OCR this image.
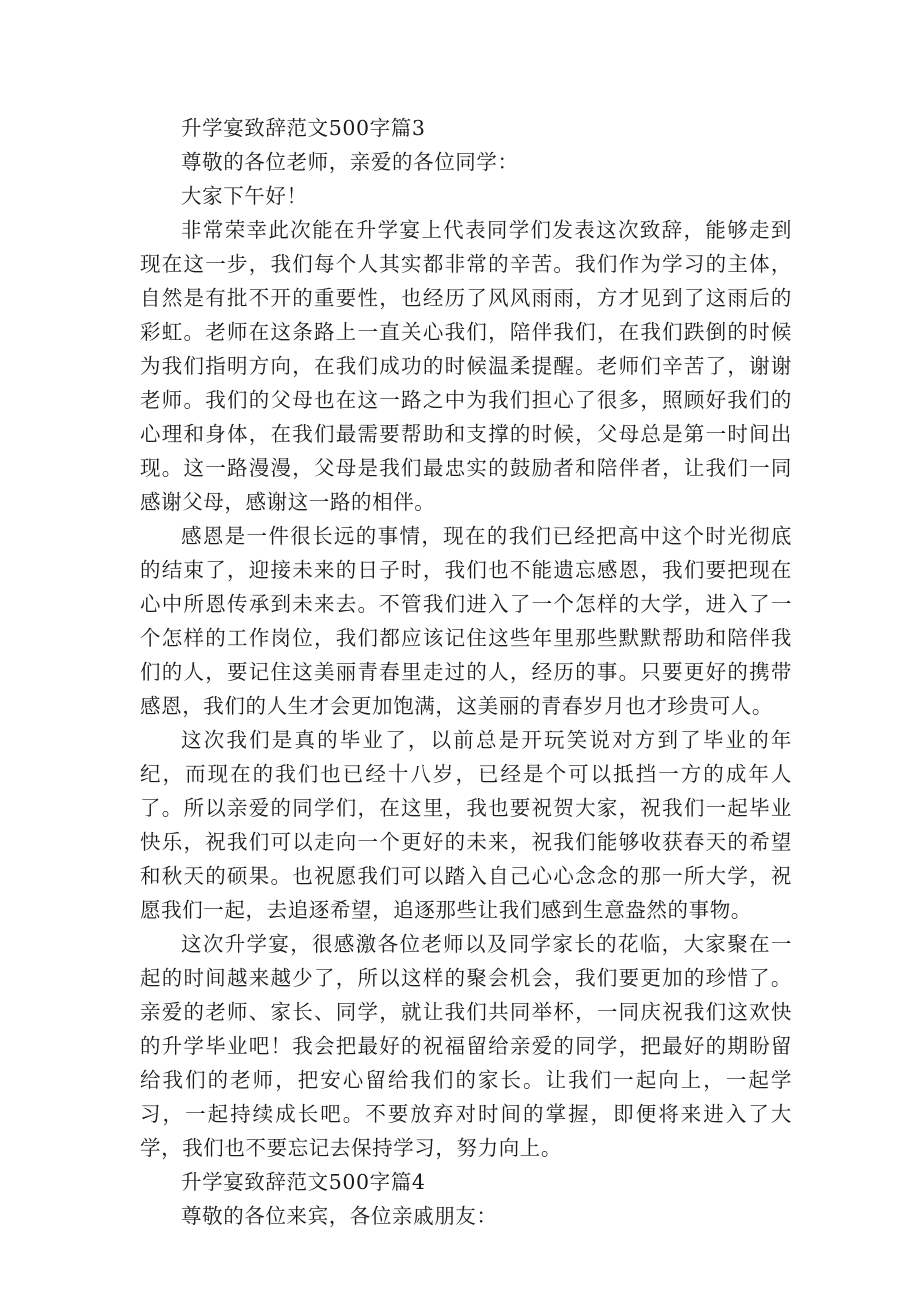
升学宴致辞范文500字篇3

尊敬的各位老师，亲爱的各位同学：

大家下午好！

非常荣幸此次能在升学宴上代表同学们发表这次致辞，能够走到现在这一步，我们每个人其实都非常的辛苦。我们作为学习的主体，自然是有批不开的重要性，也经历了风风雨雨，方才见到了这雨后的彩虹。老师在这条路上一直关心我们，陪伴我们，在我们跌倒的时候为我们指明方向，在我们成功的时候温柔提醒。老师们辛苦了，谢谢老师。我们的父母也在这一路之中为我们担心了很多，照顾好我们的心理和身体，在我们最需要帮助和支撑的时候，父母总是第一时间出现。这一路漫漫，父母是我们最忠实的鼓励者和陪伴者，让我们一同感谢父母，感谢这一路的相伴。

感恩是一件很长远的事情，现在的我们已经把高中这个时光彻底的结束了，迎接未来的日子时，我们也不能遗忘感恩，我们要把现在心中所恩传承到未来去。不管我们进入了一个怎样的大学，进入了一个怎样的工作岗位，我们都应该记住这些年里那些默默帮助和陪伴我们的人，要记住这美丽青春里走过的人，经历的事。只要更好的携带感恩，我们的人生才会更加饱满，这美丽的青春岁月也才珍贵可人。

这次我们是真的毕业了，以前总是开玩笑说对方到了毕业的年纪，而现在的我们也已经十八岁，已经是个可以抵挡一方的成年人了。所以亲爱的同学们，在这里，我也要祝贺大家，祝我们一起毕业快乐，祝我们可以走向一个更好的未来，祝我们能够收获春天的希望和秋天的硕果。也祝愿我们可以踏入自己心心念念的那一所大学，祝愿我们一起，去追逐希望，追逐那些让我们感到生意盎然的事物。

这次升学宴，很感激各位老师以及同学家长的花临，大家聚在一起的时间越来越少了，所以这样的聚会机会，我们要更加的珍惜了。亲爱的老师、家长、同学，就让我们共同举杯，一同庆祝我们这欢快的升学毕业吧！我会把最好的祝福留给亲爱的同学，把最好的期盼留给我们的老师，把安心留给我们的家长。让我们一起向上，一起学习，一起持续成长吧。不要放弃对时间的掌握，即便将来进入了大学，我们也不要忘记去保持学习，努力向上。

升学宴致辞范文500字篇4

尊敬的各位来宾，各位亲戚朋友：
